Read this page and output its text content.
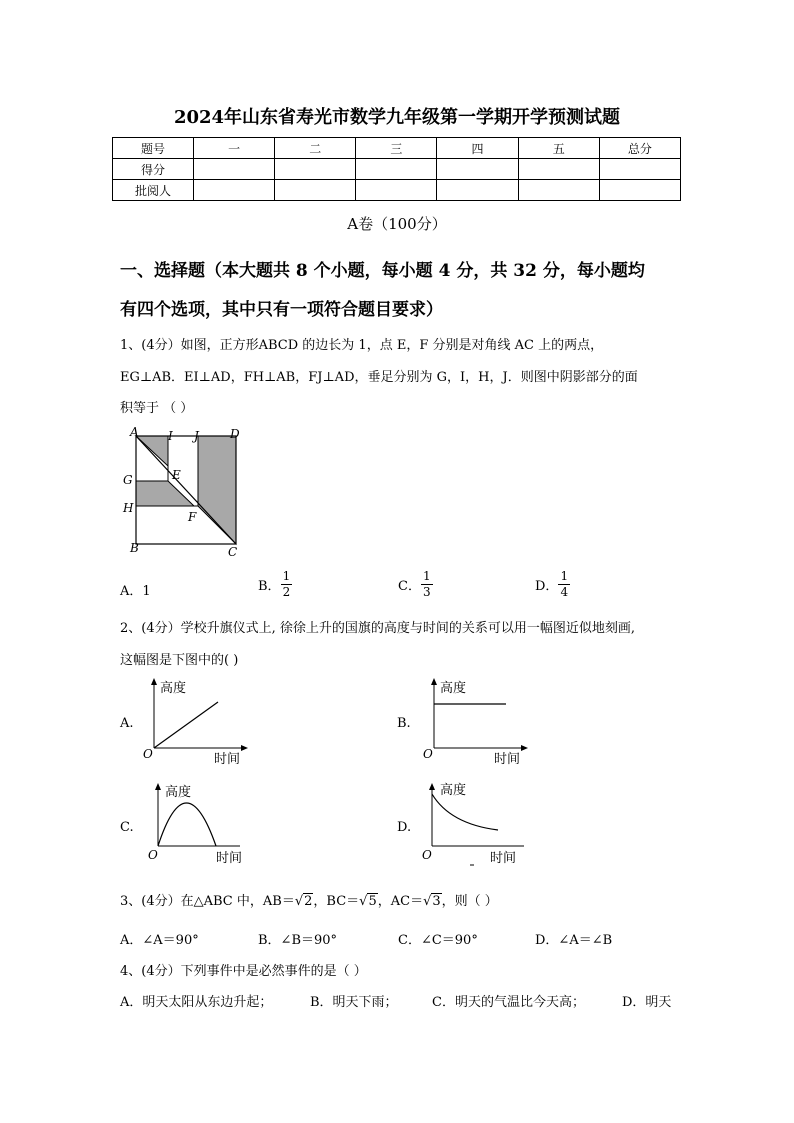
2024年山东省寿光市数学九年级第一学期开学预测试题
题号	一	二	三	四	五	总分
得分						
批阅人						
A卷（100分）
一、选择题（本大题共 8 个小题，每小题 4 分，共 32 分，每小题均
有四个选项，其中只有一项符合题目要求）
1、(4分）如图，正方形ABCD 的边长为 1，点 E，F 分别是对角线 AC 上的两点，
EG⊥AB．EI⊥AD，FH⊥AB，FJ⊥AD，垂足分别为 G，I，H，J．则图中阴影部分的面
积等于 （ ）
A I J	D
G	E
H
F
B	C
A．1	B． $\frac{1}{2}$	C． $\frac{1}{3}$	D． $\frac{1}{4}$
2、(4分）学校升旗仪式上, 徐徐上升的国旗的高度与时间的关系可以用一幅图近似地刻画,
这幅图是下图中的( )
A.
高度
时间
O
B.
高度
时间
O
C.
高度
时间
O
D.
高度
时间
O
3、(4分）在△ABC 中，AB＝√2，BC＝√5，AC＝√3，则（ ）
A．∠A＝90°	B．∠B＝90°	C．∠C＝90°	D．∠A＝∠B
4、(4分）下列事件中是必然事件的是（ ）
A．明天太阳从东边升起；	B．明天下雨；	C．明天的气温比今天高；	D．明天
